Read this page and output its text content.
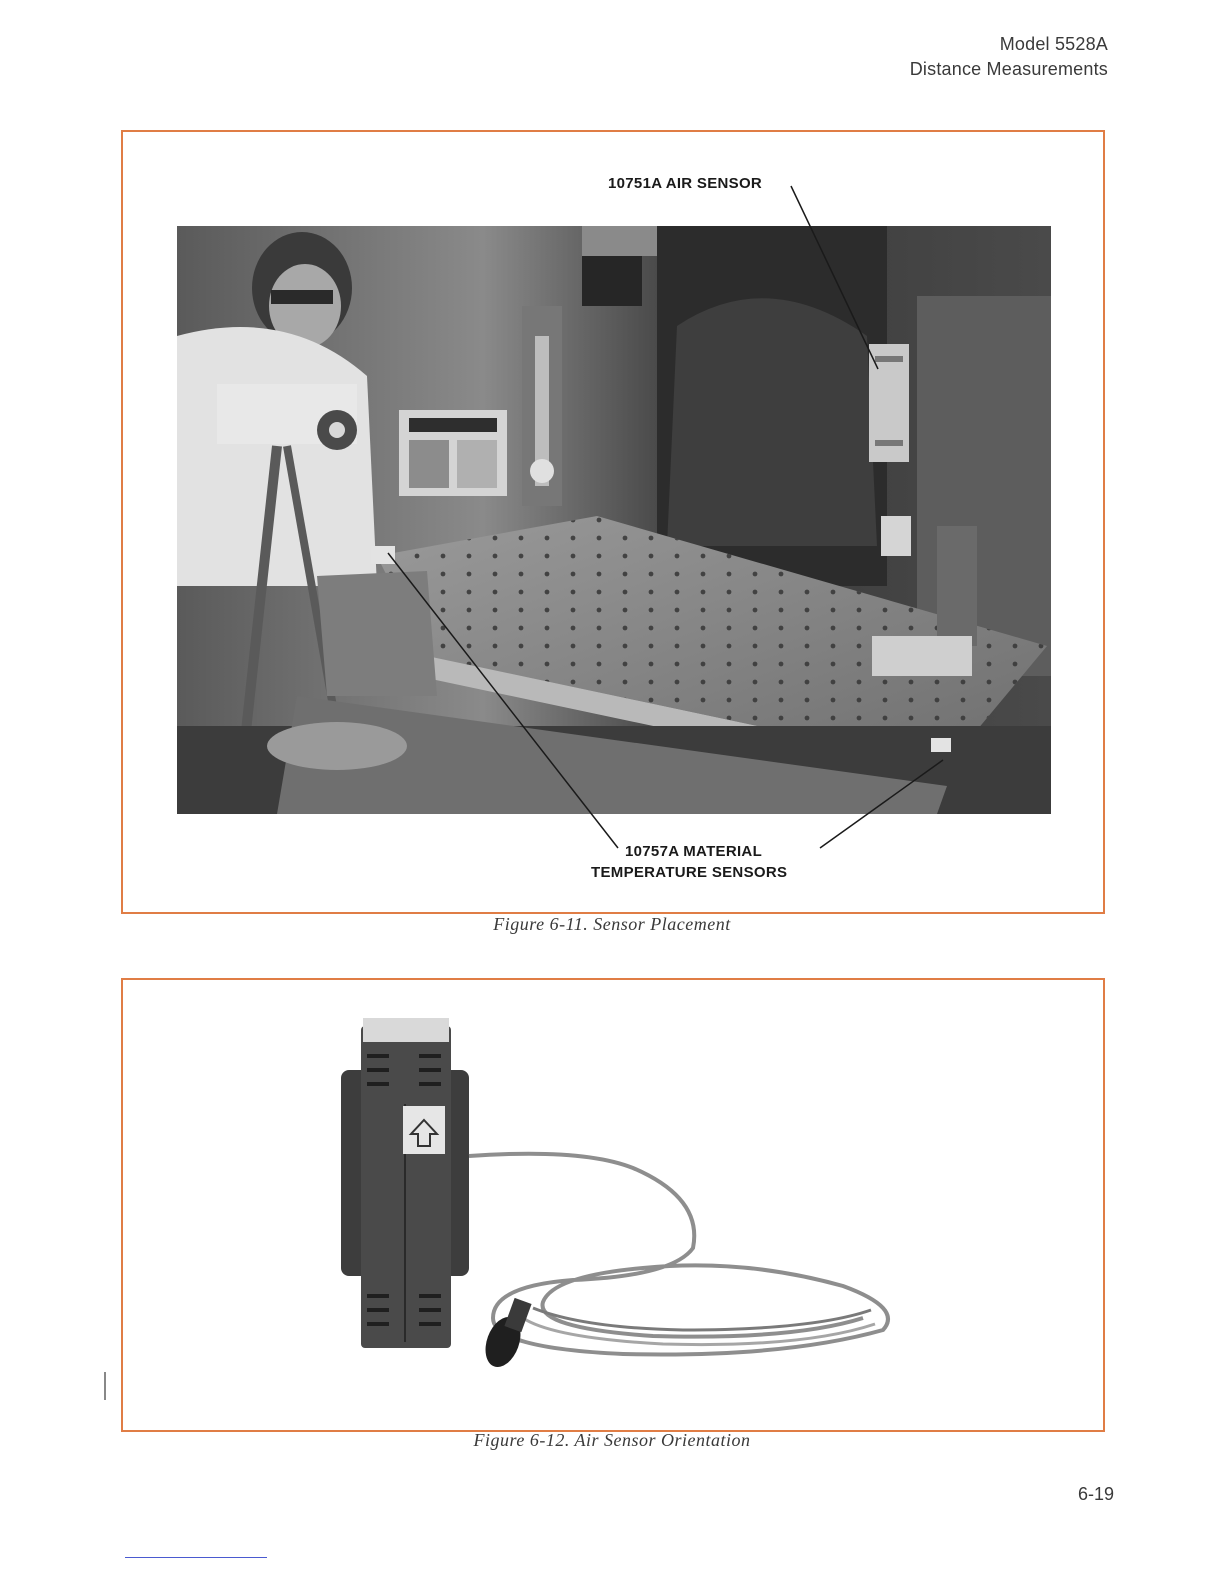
Model 5528A
Distance Measurements
10751A AIR SENSOR
10757A MATERIAL
TEMPERATURE SENSORS
Figure 6-11. Sensor Placement
Figure 6-12. Air Sensor Orientation
6-19
